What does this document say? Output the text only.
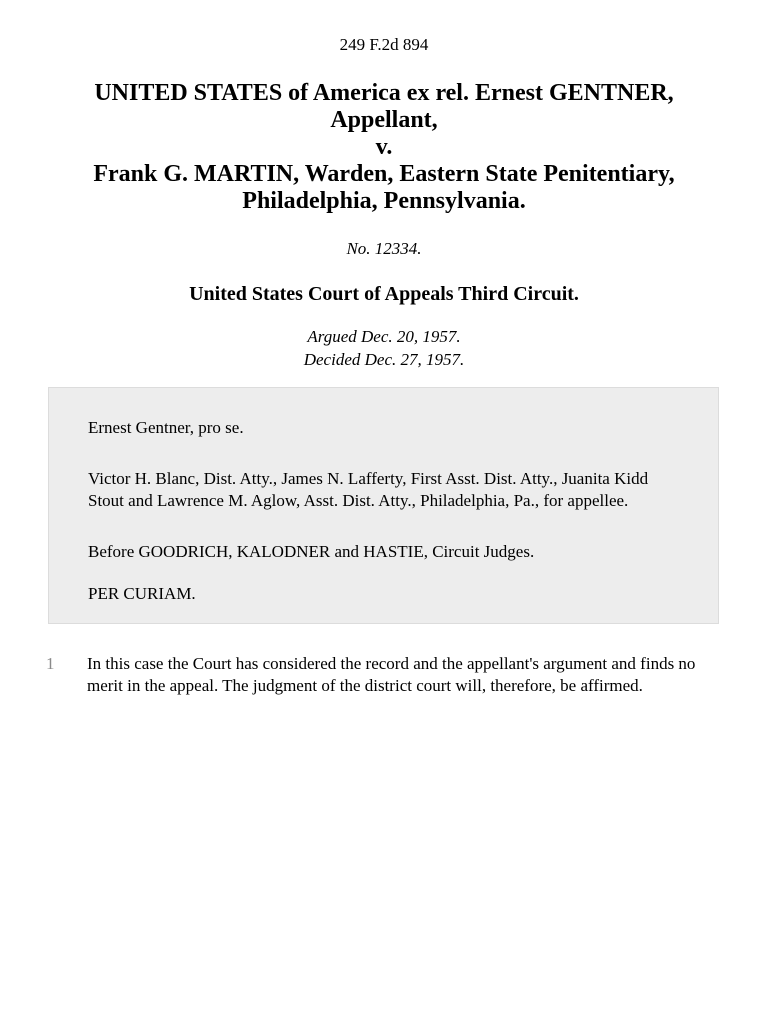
249 F.2d 894
UNITED STATES of America ex rel. Ernest GENTNER,
Appellant,
v.
Frank G. MARTIN, Warden, Eastern State Penitentiary,
Philadelphia, Pennsylvania.
No. 12334.
United States Court of Appeals Third Circuit.
Argued Dec. 20, 1957.
Decided Dec. 27, 1957.

Ernest Gentner, pro se.

Victor H. Blanc, Dist. Atty., James N. Lafferty, First Asst. Dist. Atty., Juanita Kidd Stout and Lawrence M. Aglow, Asst. Dist. Atty., Philadelphia, Pa., for appellee.

Before GOODRICH, KALODNER and HASTIE, Circuit Judges.

PER CURIAM.

1 In this case the Court has considered the record and the appellant's argument and finds no merit in the appeal. The judgment of the district court will, therefore, be affirmed.
